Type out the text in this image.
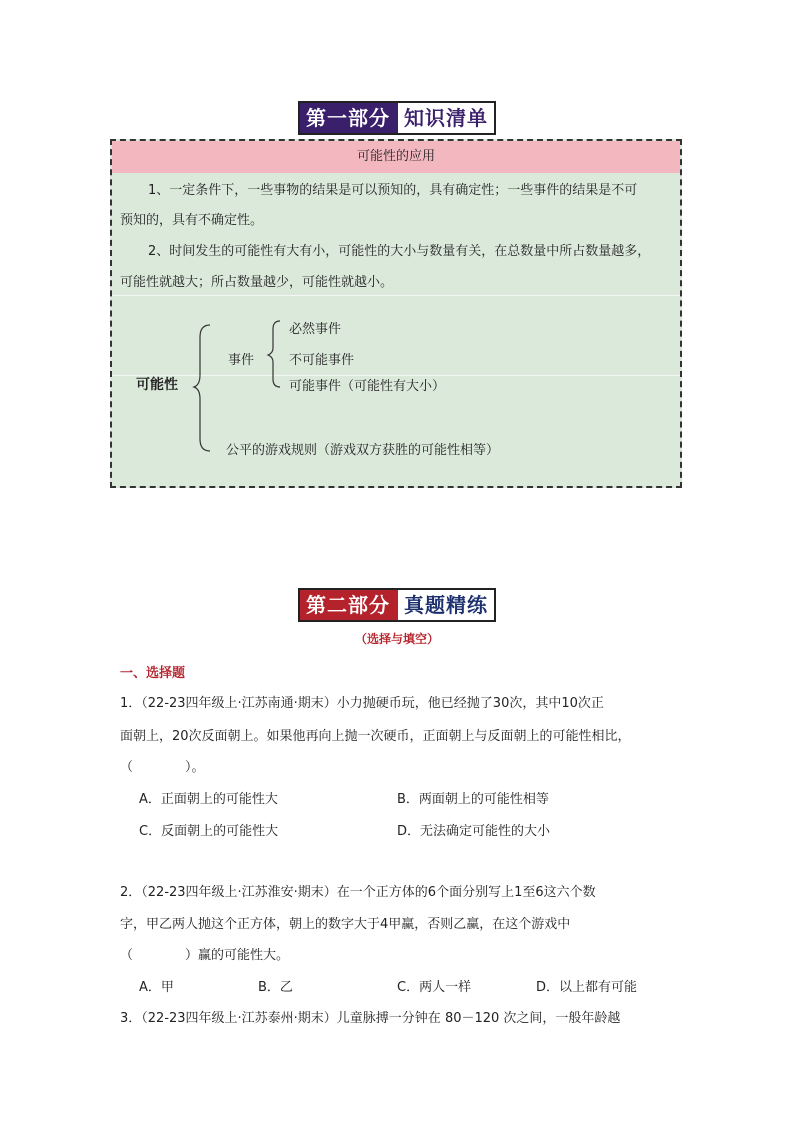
第一部分 知识清单
可能性的应用
1、一定条件下，一些事物的结果是可以预知的，具有确定性；一些事件的结果是不可
预知的，具有不确定性。
2、时间发生的可能性有大有小，可能性的大小与数量有关，在总数量中所占数量越多，
可能性就越大；所占数量越少，可能性就越小。
可能性
事件
必然事件
不可能事件
可能事件（可能性有大小）
公平的游戏规则（游戏双方获胜的可能性相等）
第二部分 真题精练
（选择与填空）
一、选择题
1．（22-23四年级上·江苏南通·期末）小力抛硬币玩，他已经抛了30次，其中10次正
面朝上，20次反面朝上。如果他再向上抛一次硬币，正面朝上与反面朝上的可能性相比，
（　　　　）。
A．正面朝上的可能性大	B．两面朝上的可能性相等
C．反面朝上的可能性大	D．无法确定可能性的大小
2．（22-23四年级上·江苏淮安·期末）在一个正方体的6个面分别写上1至6这六个数
字，甲乙两人抛这个正方体，朝上的数字大于4甲赢，否则乙赢，在这个游戏中
（　　　　）赢的可能性大。
A．甲	B．乙	C．两人一样	D．以上都有可能
3．（22-23四年级上·江苏泰州·期末）儿童脉搏一分钟在 80－120 次之间，一般年龄越
